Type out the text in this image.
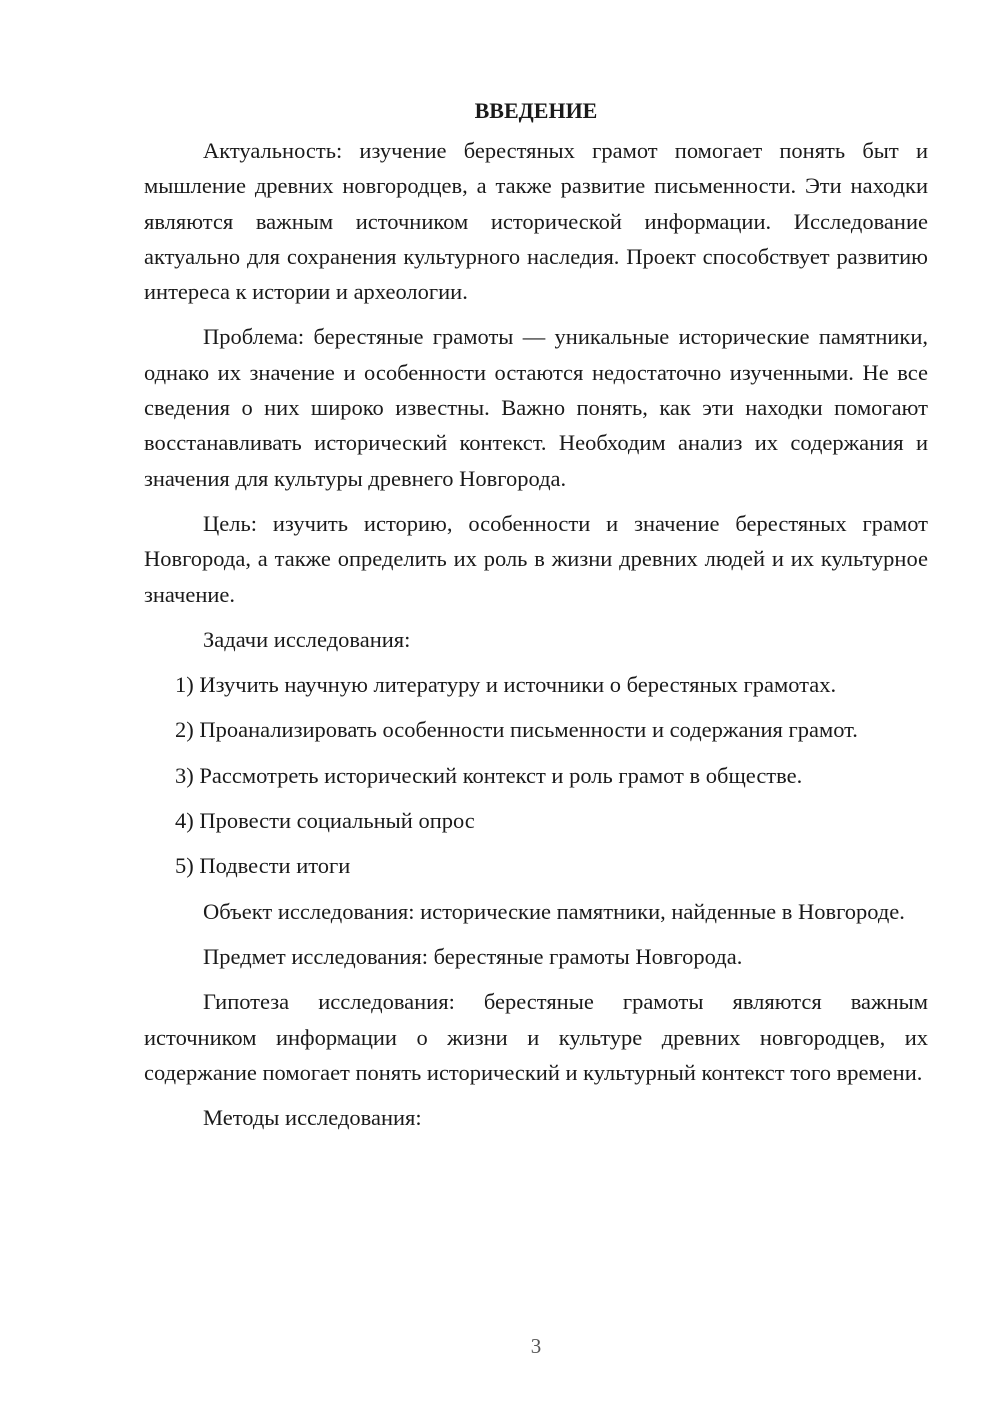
ВВЕДЕНИЕ

Актуальность: изучение берестяных грамот помогает понять быт и мышление древних новгородцев, а также развитие письменности. Эти находки являются важным источником исторической информации. Исследование актуально для сохранения культурного наследия. Проект способствует развитию интереса к истории и археологии.

Проблема: берестяные грамоты — уникальные исторические памятники, однако их значение и особенности остаются недостаточно изученными. Не все сведения о них широко известны. Важно понять, как эти находки помогают восстанавливать исторический контекст. Необходим анализ их содержания и значения для культуры древнего Новгорода.

Цель: изучить историю, особенности и значение берестяных грамот Новгорода, а также определить их роль в жизни древних людей и их культурное значение.

Задачи исследования:

1) Изучить научную литературу и источники о берестяных грамотах.

2) Проанализировать особенности письменности и содержания грамот.

3) Рассмотреть исторический контекст и роль грамот в обществе.

4) Провести социальный опрос

5) Подвести итоги

Объект исследования: исторические памятники, найденные в Новгороде.

Предмет исследования: берестяные грамоты Новгорода.

Гипотеза исследования: берестяные грамоты являются важным источником информации о жизни и культуре древних новгородцев, их содержание помогает понять исторический и культурный контекст того времени.

Методы исследования:

3
